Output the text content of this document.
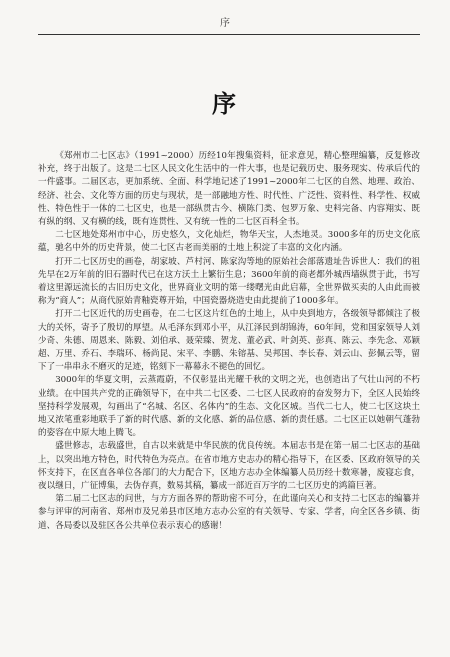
序
序

《郑州市二七区志》（1991~2000）历经10年搜集资料，征求意见，精心整理编纂，反复修改补充，终于出版了。这是二七区人民文化生活中的一件大事，也是记载历史、服务现实、传承后代的一件盛事。二届区志，更加系统、全面、科学地记述了1991~2000年二七区的自然、地理、政治、经济、社会、文化等方面的历史与现状，是一部融地方性、时代性、广泛性、资料性、科学性、权威性、特色性于一体的二七区史，也是一部纵贯古今、横陈门类、包罗万象、史料完备、内容翔实、既有纵的纲、又有横的线，既有连贯性、又有统一性的二七区百科全书。

二七区地处郑州市中心，历史悠久，文化灿烂，物华天宝，人杰地灵。3000多年的历史文化底蕴，驰名中外的历史背景，使二七区古老而美丽的土地上积淀了丰富的文化内涵。

打开二七区历史的画卷，胡家坡、芦村河、陈家沟等地的原始社会部落遗址告诉世人：我们的祖先早在2万年前的旧石器时代已在这方沃土上繁衍生息；3600年前的商老都外城西墙纵贯于此，书写着这里源远流长的古旧历史文化，世界商业文明的第一缕曙光由此启幕，全世界做买卖的人由此而被称为“商人”；从商代原始青釉瓷尊开始，中国瓷器烧造史由此提前了1000多年。

打开二七区近代的历史画卷，在二七区这片红色的土地上，从中央到地方，各级领导都倾注了极大的关怀，寄予了殷切的厚望。从毛泽东到邓小平，从江泽民到胡锦涛，60年间，党和国家领导人刘少奇、朱德、周恩来、陈毅、刘伯承、聂荣臻、贺龙、董必武、叶剑英、彭真、陈云、李先念、邓颖超、万里、乔石、李瑞环、杨尚昆、宋平、李鹏、朱镕基、吴邦国、李长春、刘云山、彭佩云等，留下了一串串永不磨灭的足迹，铭刻下一幕幕永不褪色的回忆。

3000年的华夏文明，云蒸霞蔚，不仅彰显出光耀千秋的文明之光，也创造出了气壮山河的不朽业绩。在中国共产党的正确领导下，在中共二七区委、二七区人民政府的奋发努力下，全区人民始终坚持科学发展观，勾画出了“名城、名区、名体内”的生态、文化区城。当代二七人，使二七区这块土地又浓笔重彩地联手了新的时代感、新的文化感、新的品位感、新的责任感。二七区正以她朝气蓬勃的姿容在中原大地上腾飞。

盛世修志，志载盛世，自古以来就是中华民族的优良传统。本届志书是在第一届二七区志的基础上，以突出地方特色，时代特色为亮点。在省市地方史志办的精心指导下，在区委、区政府领导的关怀支持下，在区直各单位各部门的大力配合下，区地方志办全体编纂人员历经十数寒暑，废寝忘食，夜以继日，广征博集，去伪存真，数易其稿，纂成一部近百万字的二七区历史的鸿篇巨著。

第二届二七区志的问世，与方方面各界的帮助密不可分，在此谨向关心和支持二七区志的编纂并参与评审的河南省、郑州市及兄弟县市区地方志办公室的有关领导、专家、学者，向全区各乡镇、街道、各局委以及驻区各公共单位表示衷心的感谢！
